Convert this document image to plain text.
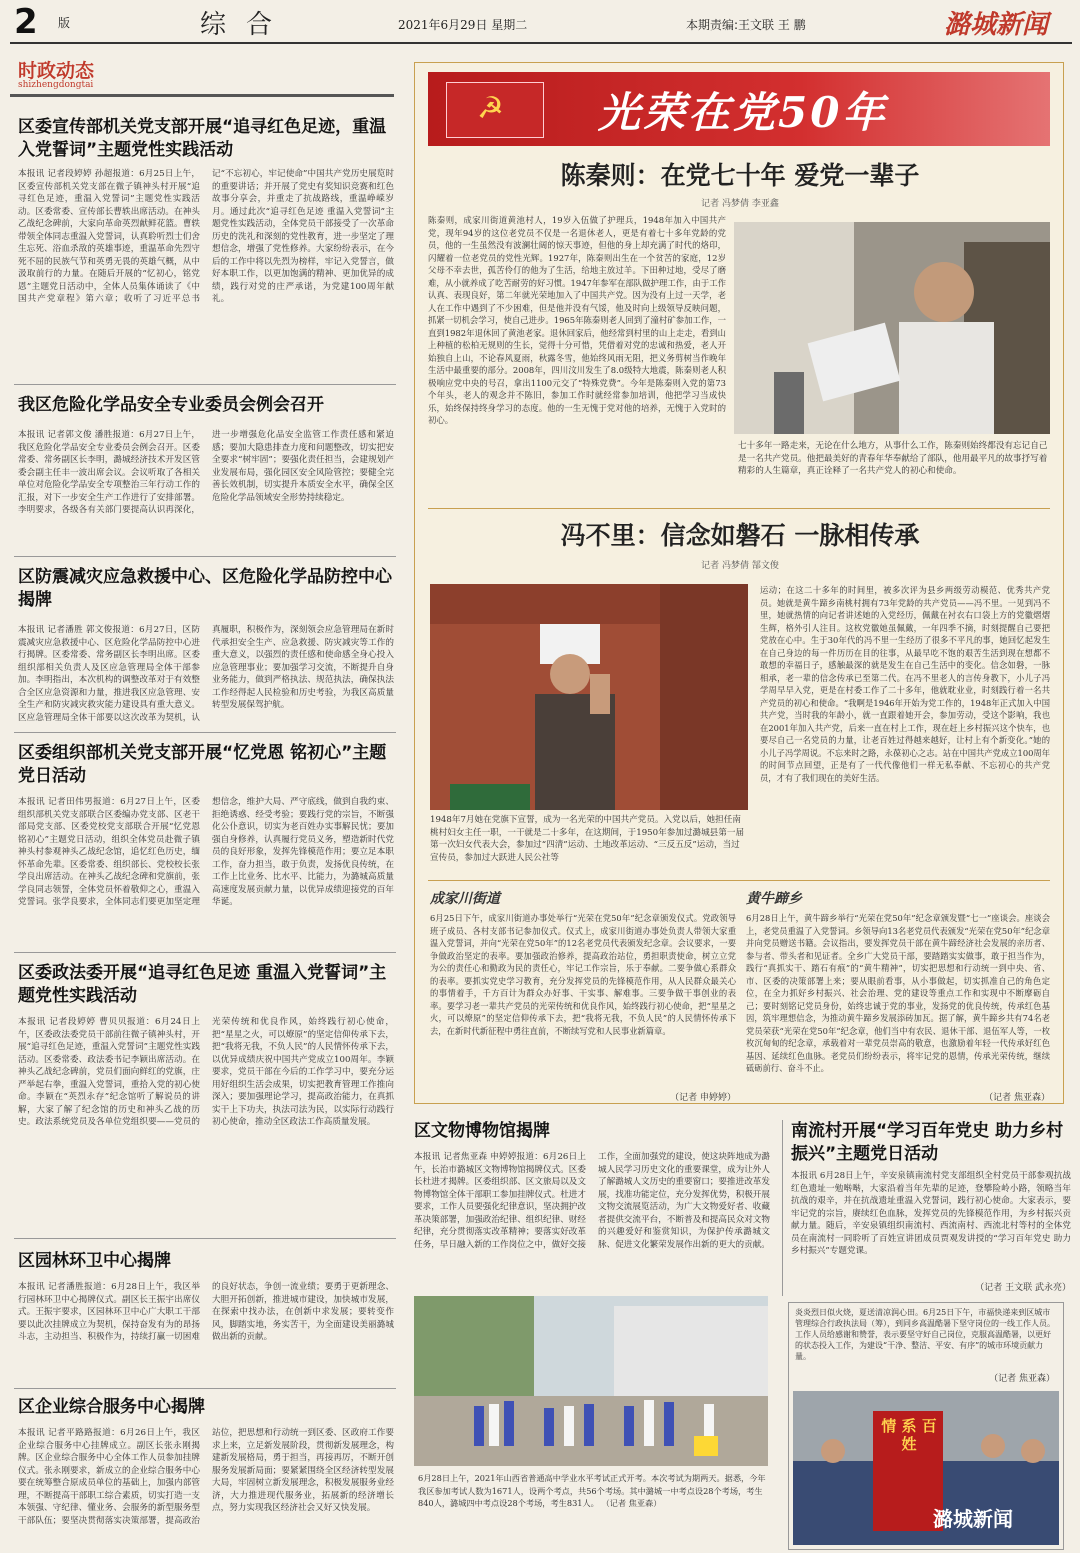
2 版	综合	2021年6月29日 星期二	本期责编:王文联 王 鹏	潞城新闻
时政动态
shizhengdongtai
区委宣传部机关党支部开展“追寻红色足迹，重温入党誓词”主题党性实践活动
本报讯 记者段婷婷 孙超报道：6月25日上午，区委宣传部机关党支部在微子镇神头村开展“追寻红色足迹，重温入党誓词”主题党性实践活动。区委常委、宣传部长曹轶出席活动。在神头乙战纪念碑前，大家向革命英烈献鲜花篮。曹轶带领全体同志重温入党誓词，认真聆听烈士们舍生忘死、浴血杀敌的英雄事迹，重温革命先烈守死不屈的民族气节和英勇无畏的英雄气概，从中汲取前行的力量。在随后开展的“忆初心，铭党恩”主题党日活动中，全体人员集体诵读了《中国共产党章程》第六章；收听了习近平总书记“不忘初心，牢记使命”中国共产党历史展览时的重要讲话；并开展了党史有奖知识竞赛和红色故事分享会，并重走了抗战路线，重温峥嵘岁月。通过此次“追寻红色足迹 重温入党誓词”主题党性实践活动，全体党员干部接受了一次革命历史的洗礼和深刻的党性教育，进一步坚定了理想信念，增强了党性修养。大家纷纷表示，在今后的工作中将以先烈为榜样，牢记入党誓言，做好本职工作，以更加饱满的精神、更加优异的成绩，践行对党的庄严承诺，为党建100周年献礼。
我区危险化学品安全专业委员会例会召开
本报讯 记者郭文俊 潘胜报道：6月27日上午，我区危险化学品安全专业委员会例会召开。区委常委、常务副区长李明，潞城经济技术开发区管委会副主任丰一波出席会议。会议听取了各相关单位对危险化学品安全专项整治三年行动工作的汇报，对下一步安全生产工作进行了安排部署。李明要求，各级各有关部门要提高认识再深化，进一步增强危化品安全监管工作责任感和紧迫感；要加大隐患排查力度和问题整改，切实把安全要求“树牢固”；要强化责任担当，会建规划产业发展布局，强化园区安全风险管控；要健全完善长效机制，切实提升本质安全水平，确保全区危险化学品领域安全形势持续稳定。
区防震减灾应急救援中心、区危险化学品防控中心揭牌
本报讯 记者潘胜 郭文俊报道：6月27日，区防震减灾应急救援中心、区危险化学品防控中心进行揭牌。区委常委、常务副区长李明出席。区委组织部相关负责人及区应急管理局全体干部参加。李明指出，本次机构的调整改革对于有效整合全区应急资源和力量，推进我区应急管理、安全生产和防灾减灾救灾能力建设具有重大意义。区应急管理局全体干部要以这次改革为契机，认真履职，积极作为，深刻领会应急管理局在新时代承担安全生产、应急救援、防灾减灾等工作的重大意义，以强烈的责任感和使命感全身心投入应急管理事业；要加强学习交流，不断提升自身业务能力，做到严格执法、规范执法，确保执法工作经得起人民检验和历史考验，为我区高质量转型发展保驾护航。
区委组织部机关党支部开展“忆党恩 铭初心”主题党日活动
本报讯 记者田伟男报道：6月27日上午，区委组织部机关党支部联合区委编办党支部、区老干部局党支部、区委党校党支部联合开展“忆党恩 铭初心”主题党日活动，组织全体党员赴微子镇神头村参观神头乙战纪念馆，追忆红色历史，缅怀革命先辈。区委常委、组织部长、党校校长张学良出席活动。在神头乙战纪念碑和党旗前，张学良同志领誓，全体党员怀着敬仰之心，重温入党誓词。张学良要求，全体同志们要更加坚定理想信念，维护大局、严守底线，做到自我约束、拒绝诱惑、经受考验；要践行党的宗旨，不断强化公仆意识，切实为老百姓办实事解民忧；要加强自身修养，认真履行党员义务，塑造新时代党员的良好形象，发挥先锋模范作用；要立足本职工作，奋力担当，敢于负责，发扬优良传统，在工作上比业务、比水平、比能力，为潞城高质量高速度发展贡献力量，以优异成绩迎接党的百年华诞。
区委政法委开展“追寻红色足迹 重温入党誓词”主题党性实践活动
本报讯 记者段婷婷 曹贝贝报道：6月24日上午，区委政法委党员干部前往微子镇神头村，开展“追寻红色足迹，重温入党誓词”主题党性实践活动。区委常委、政法委书记李颖出席活动。在神头乙战纪念碑前，党员们面向鲜红的党旗，庄严举起右拳，重温入党誓词，重拾入党的初心使命。李颖在“英烈永存”纪念馆听了解说员的讲解，大家了解了纪念馆的历史和神头乙战的历史。政法系统党员及各单位党组织要——党员的光荣传统和优良作风，始终践行初心使命，把“星星之火，可以燎原”的坚定信仰传承下去，把“我将无我，不负人民”的人民情怀传承下去，以优异成绩庆祝中国共产党成立100周年。李颖要求，党员干部在今后的工作学习中，要充分运用好组织生活会成果，切实把教育管理工作推向深入；要加强理论学习，提高政治能力，在真抓实干上下功夫，执法司法为民，以实际行动践行初心使命，推动全区政法工作高质量发展。
区园林环卫中心揭牌
本报讯 记者潘胜报道：6月28日上午，我区举行园林环卫中心揭牌仪式。副区长王振宇出席仪式。王振宇要求，区园林环卫中心广大职工干部要以此次挂牌成立为契机，保持奋发有为的昂扬斗志，主动担当、积极作为，持续打赢一切困难的良好状态，争创一流业绩；要勇于更新理念、大胆开拓创新，推进城市建设，加快城市发展，在探索中找办法，在创新中求发展；要转变作风，脚踏实地，务实苦干，为全面建设美丽潞城做出新的贡献。
区企业综合服务中心揭牌
本报讯 记者平路路报道：6月26日上午，我区企业综合服务中心挂牌成立。副区长张永刚揭牌。区企业综合服务中心全体工作人员参加挂牌仪式。张永刚要求，新成立的企业综合服务中心要在统筹整合原成员单位的基础上，加强内部管理，不断提高干部职工综合素质，切实打造一支本领强、守纪律、懂业务、会服务的新型服务型干部队伍；要坚决贯彻落实决策部署，提高政治站位，把思想和行动统一到区委、区政府工作要求上来，立足新发展阶段，贯彻新发展理念，构建新发展格局，勇于担当，再接再厉，不断开创服务发展新局面；要紧紧围绕全区经济转型发展大局，牢固树立新发展理念，积极发展服务业经济，大力推进现代服务业，拓展新的经济增长点，努力实现我区经济社会又好又快发展。
☭ 光荣在党50年
陈秦则：在党七十年 爱党一辈子
记者 冯梦倩 李亚鑫
陈秦则，成家川街道黄池村人，19岁入伍做了护理兵，1948年加入中国共产党，现年94岁的这位老党员不仅是一名退休老人，更是有着七十多年党龄的党员，他的一生虽然没有波澜壮阔的惊天事迹，但他的身上却充满了时代的烙印，闪耀着一位老党员的党性光辉。1927年，陈秦则出生在一个贫苦的家庭，12岁父母不幸去世，孤苦伶仃的他为了生活，给地主放过羊。下田种过地，受尽了磨难，从小就养成了吃苦耐劳的好习惯。1947年参军在部队做护理工作，由于工作认真、表现良好，第二年就光荣地加入了中国共产党。因为没有上过一天学，老人在工作中遇到了不少困难，但是他并没有气馁，他及时向上级领导反映问题，抓紧一切机会学习，使自己进步。1965年陈秦则老人回到了潼村矿参加工作，一直到1982年退休回了黄池老家。退休回家后，他经常到村里的山上走走，看到山上种植的松柏无规则的生长，觉得十分可惜，凭借着对党的忠诚和热爱，老人开始独自上山，不论春风夏雨，秋露冬雪，他始终风雨无阻，把义务剪树当作晚年生活中最重要的部分。2008年，四川汶川发生了8.0级特大地震，陈秦则老人积极响应党中央的号召，拿出1100元交了“特殊党费”。今年是陈秦则入党的第73个年头，老人的观念并不陈旧，参加工作时就经常参加培训，他把学习当成快乐，始终保持终身学习的态度。他的一生无愧于党对他的培养，无愧于入党时的初心。
七十多年一路走来，无论在什么地方，从事什么工作，陈秦则始终都没有忘记自己是一名共产党员。他把最美好的青春年华奉献给了部队，他用最平凡的故事抒写着精彩的人生篇章，真正诠释了一名共产党人的初心和使命。
冯不里：信念如磐石 一脉相传承
记者 冯梦倩 郜文俊
1948年7月她在党旗下宣誓，成为一名光荣的中国共产党员。入党以后，她担任南桃村妇女主任一职，一干就是二十多年，在这期间，于1950年参加过潞城县第一届第一次妇女代表大会，参加过“四清”运动、土地改革运动、“三反五反”运动，当过宣传员，参加过大跃进人民公社等
运动；在这二十多年的时间里，被多次评为县乡两级劳动模范、优秀共产党员。她就是黄牛蹄乡南桃村拥有73年党龄的共产党员——冯不里。一见到冯不里，她就热情的向记者讲述她的入党经历，佩戴在衬衣右口袋上方的党徽熠熠生辉，格外引人注目。这枚党徽她虽佩戴，一年四季不摘，时刻提醒自己要把党放在心中。生于30年代的冯不里一生经历了很多不平凡的事，她回忆起发生在自己身边的每一件历历在目的往事，从最早吃不饱的艰苦生活到现在想都不敢想的幸福日子，感触最深的就是发生在自己生活中的变化。信念如磐，一脉相承，老一辈的信念传承已至第二代。在冯不里老人的言传身教下，小儿子冯学周早早入党，更是在村委工作了二十多年，他就耽业业，时刻践行着一名共产党员的初心和使命。“我啊是1946年开始为党工作的，1948年正式加入中国共产党，当时我的年龄小，就一直跟着她开会，参加劳动，受这个影响，我也在2001年加入共产党，后来一直在村上工作，现在赶上乡村振兴这个快车，也要尽自己一名党员的力量，让老百姓过得越来越好，让村上有个新变化。”她的小儿子冯学周说。不忘来时之路，永葆初心之志。站在中国共产党成立100周年的时间节点回望，正是有了一代代像他们一样无私奉献、不忘初心的共产党员，才有了我们现在的美好生活。
成家川街道
6月25日下午，成家川街道办事处举行“光荣在党50年”纪念章颁发仪式。党政领导班子成员、各村支部书记参加仪式。仪式上，成家川街道办事处负责人带领大家重温入党誓词，并向“光荣在党50年”的12名老党员代表颁发纪念章。会议要求，一要争做政治坚定的表率。要加强政治修养，提高政治站位，勇担职责使命，树立立党为公的责任心和勤政为民的责任心，牢记工作宗旨，乐于奉献。二要争做心系群众的表率。要抓实党史学习教育，充分发挥党员的先锋模范作用，从人民群众最关心的事情着手，千方百计为群众办好事、干实事、解难事。三要争做干事创业的表率。要学习老一辈共产党员的光荣传统和优良作风，始终践行初心使命，把“星星之火，可以燎原”的坚定信仰传承下去，把“我将无我，不负人民”的人民情怀传承下去，在新时代新征程中勇往直前，不断续写党和人民事业新篇章。
（记者 申婷婷）
黄牛蹄乡
6月28日上午，黄牛蹄乡举行“光荣在党50年”纪念章颁发暨“七一”座谈会。座谈会上，老党员重温了入党誓词。乡领导向13名老党员代表颁发“光荣在党50年”纪念章并向党员赠送书籍。会议指出，要发挥党员干部在黄牛蹄经济社会发展的亲历者、参与者、带头者和见证者。全乡广大党员干部，要踏踏实实做事，敢于担当作为，践行“真抓实干、踏石有痕”的“黄牛精神”，切实把思想和行动统一到中央、省、市、区委的决策部署上来；要从眼前看事，从小事做起，切实抓准自己的角色定位，在全力抓好乡村振兴、社会治理、党的建设等重点工作和实现中不断摩砺自己；要时刻铭记党员身份，始终忠诚于党的事业，发扬党的优良传统，传承红色基因，筑牢理想信念，为推动黄牛蹄乡发展添砖加瓦。据了解，黄牛蹄乡共有74名老党员荣获“光荣在党50年”纪念章，他们当中有农民、退休干部、退伍军人等，一枚枚沉甸甸的纪念章，承载着对一辈党员崇高的敬意，也激励着年轻一代传承好红色基因、延续红色血脉。老党员们纷纷表示，将牢记党的恩情，传承光荣传统，继续砥砺前行、奋斗不止。
（记者 焦亚森）
区文物博物馆揭牌
本报讯 记者焦亚森 申婷婷报道：6月26日上午，长治市潞城区文物博物馆揭牌仪式。区委长杜进才揭牌。区委组织部、区文旅局以及文物博物馆全体干部职工参加挂牌仪式。杜进才要求，工作人员要强化纪律意识，坚决拥护改革决策部署，加强政治纪律、组织纪律、财经纪律，充分贯彻落实改革精神；要落实好改革任务，早日融入新的工作岗位之中，做好交接工作，全面加强党的建设，使这块阵地成为潞城人民学习历史文化的重要课堂，成为让外人了解潞城人文历史的重要窗口；要推进改革发展，找准功能定位，充分发挥优势，积极开展文物交流展览活动，为广大文物爱好者、收藏者提供交流平台，不断普及和提高民众对文物的兴趣爱好和鉴赏知识，为保护传承潞城文脉、促进文化繁荣发展作出新的更大的贡献。
南流村开展“学习百年党史 助力乡村振兴”主题党日活动
本报讯 6月28日上午，辛安泉镇南流村党支部组织全村党员干部参观抗战红色遗址一勉啭啭，大家沿着当年先辈的足迹，登攀险岭小路，领略当年抗战的艰辛，并在抗战遗址重温入党誓词，践行初心使命。大家表示，要牢记党的宗旨，赓续红色血脉，发挥党员的先锋模范作用，为乡村振兴贡献力量。随后，辛安泉镇组织南流村、西流南村、西流北村等村的全体党员在南流村一同聆听了百姓宣讲团成员贾观发讲授的“学习百年党史 助力乡村振兴”专题党课。
（记者 王文联 武永亮）
6月28日上午，2021年山西省普通高中学业水平考试正式开考。本次考试为期两天。据悉，今年我区参加考试人数为1671人，设两个考点，共56个考场。其中潞城一中考点设28个考场，考生840人，潞城四中考点设28个考场，考生831人。 （记者 焦亚森）
炎炎烈日似火烧，夏送清凉润心田。6月25日下午，市福快递来到区城市管理综合行政执法局（筹），到同乡高温酷暑下坚守岗位的一线工作人员。工作人员给感谢和赞誉，表示要坚守好自己岗位，克服高温酷暑，以更好的状态投入工作，为建设“干净、整洁、平安、有序”的城市环境贡献力量。
（记者 焦亚森）
情 系 百 姓
潞城新闻
